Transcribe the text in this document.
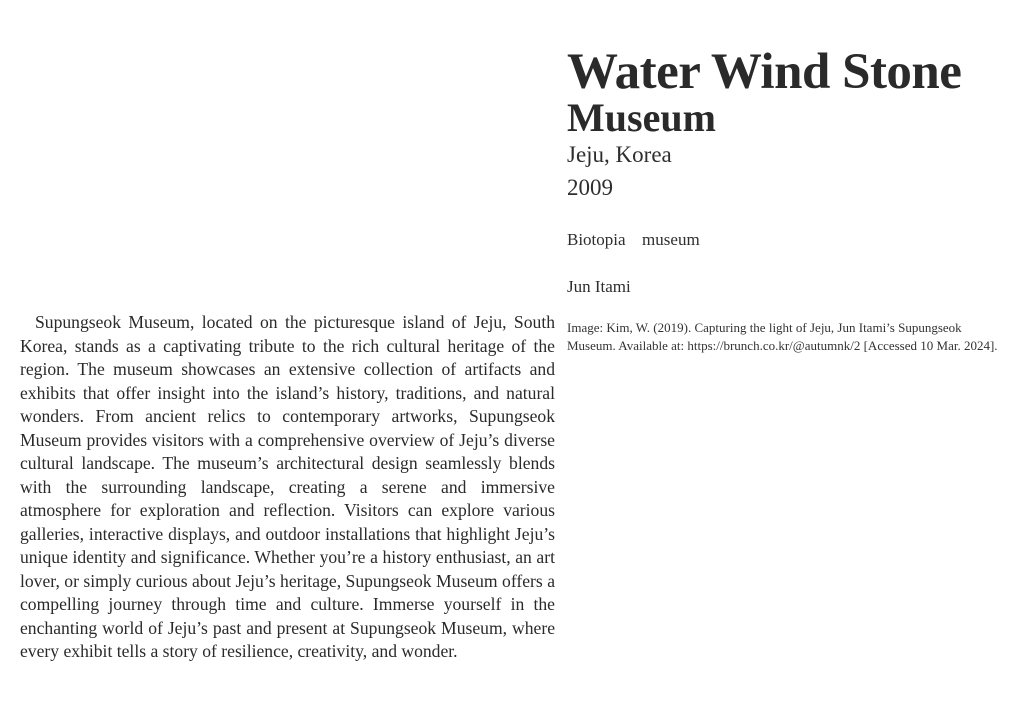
Supungseok Museum, located on the picturesque island of Jeju, South Korea, stands as a captivating tribute to the rich cultural heritage of the region. The museum showcases an extensive collection of artifacts and exhibits that offer insight into the island’s history, traditions, and natural wonders. From ancient relics to contemporary artworks, Supungseok Museum provides visitors with a comprehensive overview of Jeju’s diverse cultural landscape. The museum’s architectural design seamlessly blends with the surrounding landscape, creating a serene and immersive atmosphere for exploration and reflection. Visitors can explore various galleries, interactive displays, and outdoor installations that highlight Jeju’s unique identity and significance. Whether you’re a history enthusiast, an art lover, or simply curious about Jeju’s heritage, Supungseok Museum offers a compelling journey through time and culture. Immerse yourself in the enchanting world of Jeju’s past and present at Supungseok Museum, where every exhibit tells a story of resilience, creativity, and wonder.

Water Wind Stone
Museum
Jeju, Korea
2009
Biotopia  museum
Jun Itami
Image: Kim, W. (2019). Capturing the light of Jeju, Jun Itami’s Supungseok Museum. Available at: https://brunch.co.kr/@autumnk/2 [Accessed 10 Mar. 2024].
